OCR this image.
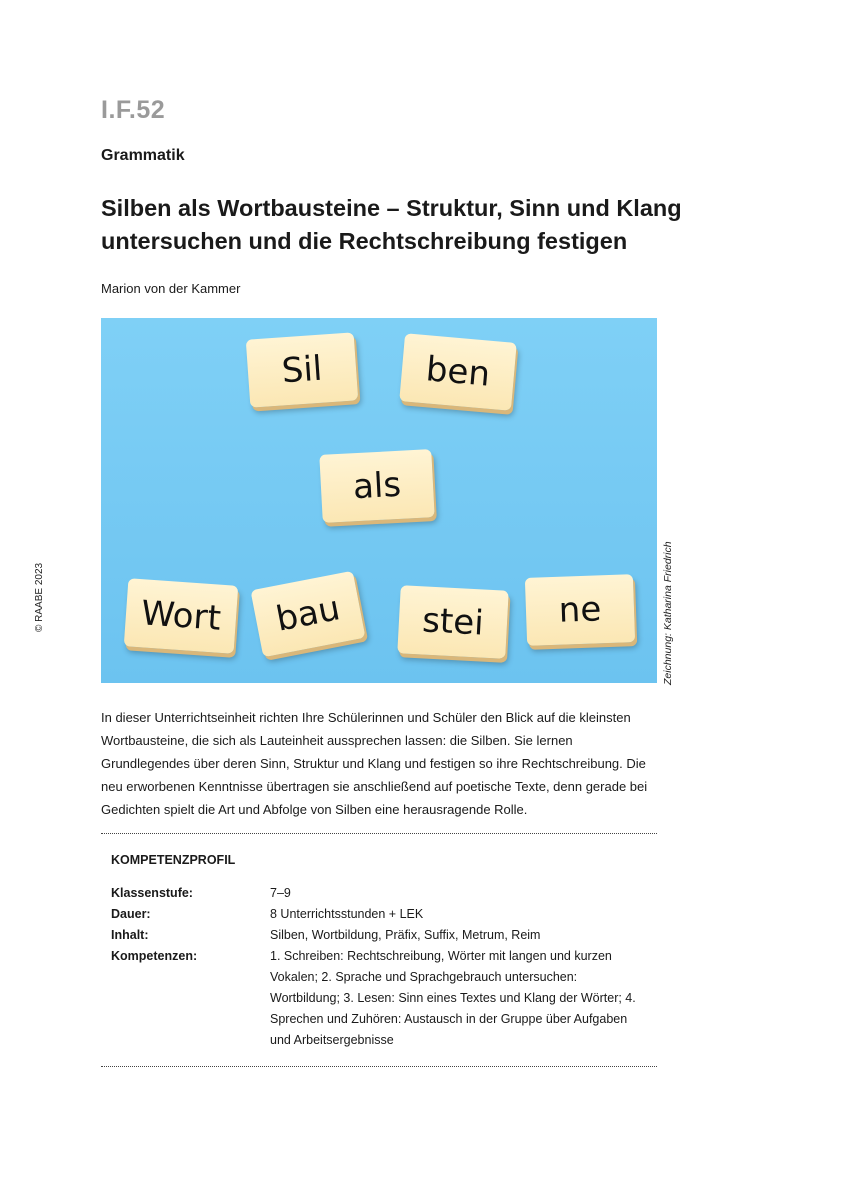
I.F.52
Grammatik
Silben als Wortbausteine – Struktur, Sinn und Klang untersuchen und die Rechtschreibung festigen
Marion von der Kammer
Sil	ben
als
Wort	bau	stei	ne	Zeichnung: Katharina Friedrich
© RAABE 2023

In dieser Unterrichtseinheit richten Ihre Schülerinnen und Schüler den Blick auf die kleinsten Wortbausteine, die sich als Lauteinheit aussprechen lassen: die Silben. Sie lernen Grundlegendes über deren Sinn, Struktur und Klang und festigen so ihre Rechtschreibung. Die neu erworbenen Kenntnisse übertragen sie anschließend auf poetische Texte, denn gerade bei Gedichten spielt die Art und Abfolge von Silben eine herausragende Rolle.

KOMPETENZPROFIL
Klassenstufe:	7–9
Dauer:	8 Unterrichtsstunden + LEK
Inhalt:	Silben, Wortbildung, Präfix, Suffix, Metrum, Reim
Kompetenzen:	1. Schreiben: Rechtschreibung, Wörter mit langen und kurzen Vokalen; 2. Sprache und Sprachgebrauch untersuchen: Wortbildung; 3. Lesen: Sinn eines Textes und Klang der Wörter; 4. Sprechen und Zuhören: Austausch in der Gruppe über Aufgaben und Arbeitsergebnisse
